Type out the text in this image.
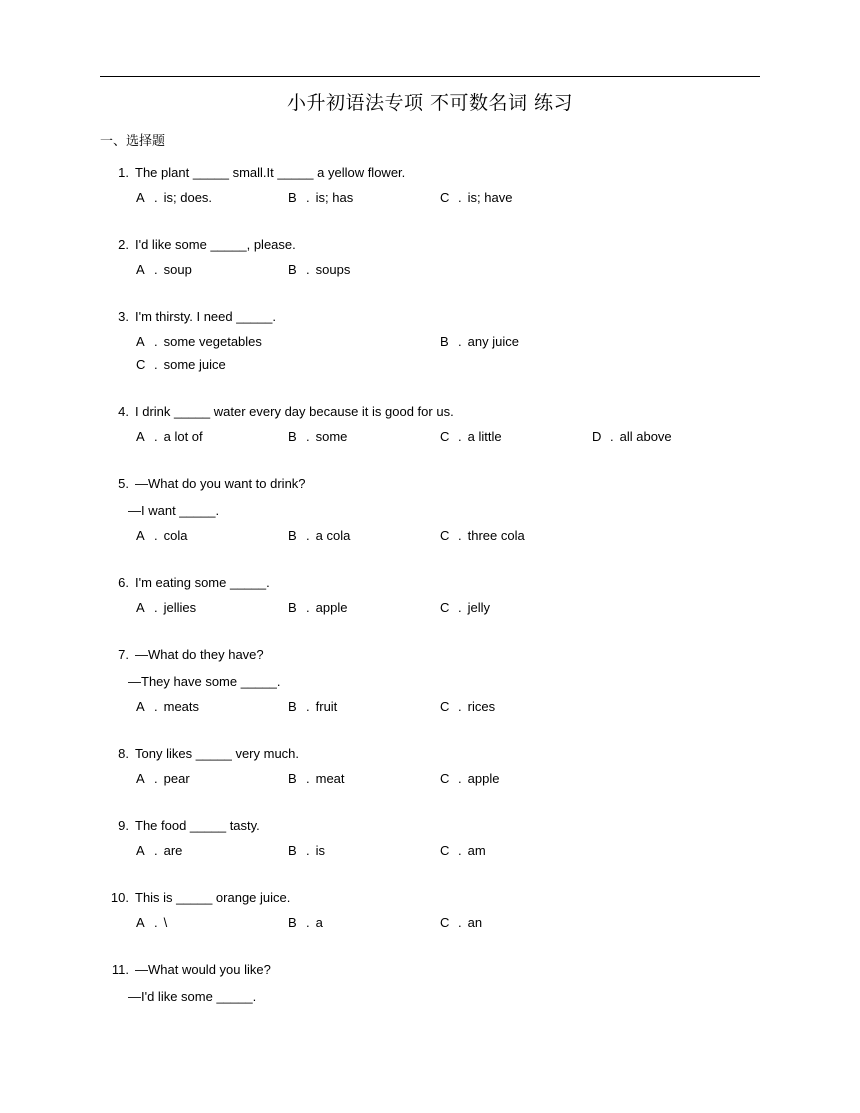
小升初语法专项 不可数名词 练习
一、选择题
1. The plant _____ small.It _____ a yellow flower.
A . is; does.	B . is; has	C . is; have
2. I'd like some _____, please.
A . soup	B . soups
3. I'm thirsty. I need _____.
A . some vegetables	B . any juice
C . some juice
4. I drink _____ water every day because it is good for us.
A . a lot of	B . some	C . a little	D . all above
5. —What do you want to drink?
—I want _____.
A . cola	B . a cola	C . three cola
6. I'm eating some _____.
A . jellies	B . apple	C . jelly
7. —What do they have?
—They have some _____.
A . meats	B . fruit	C . rices
8. Tony likes _____ very much.
A . pear	B . meat	C . apple
9. The food _____ tasty.
A . are	B . is	C . am
10. This is _____ orange juice.
A . \	B . a	C . an
11. —What would you like?
—I'd like some _____.
